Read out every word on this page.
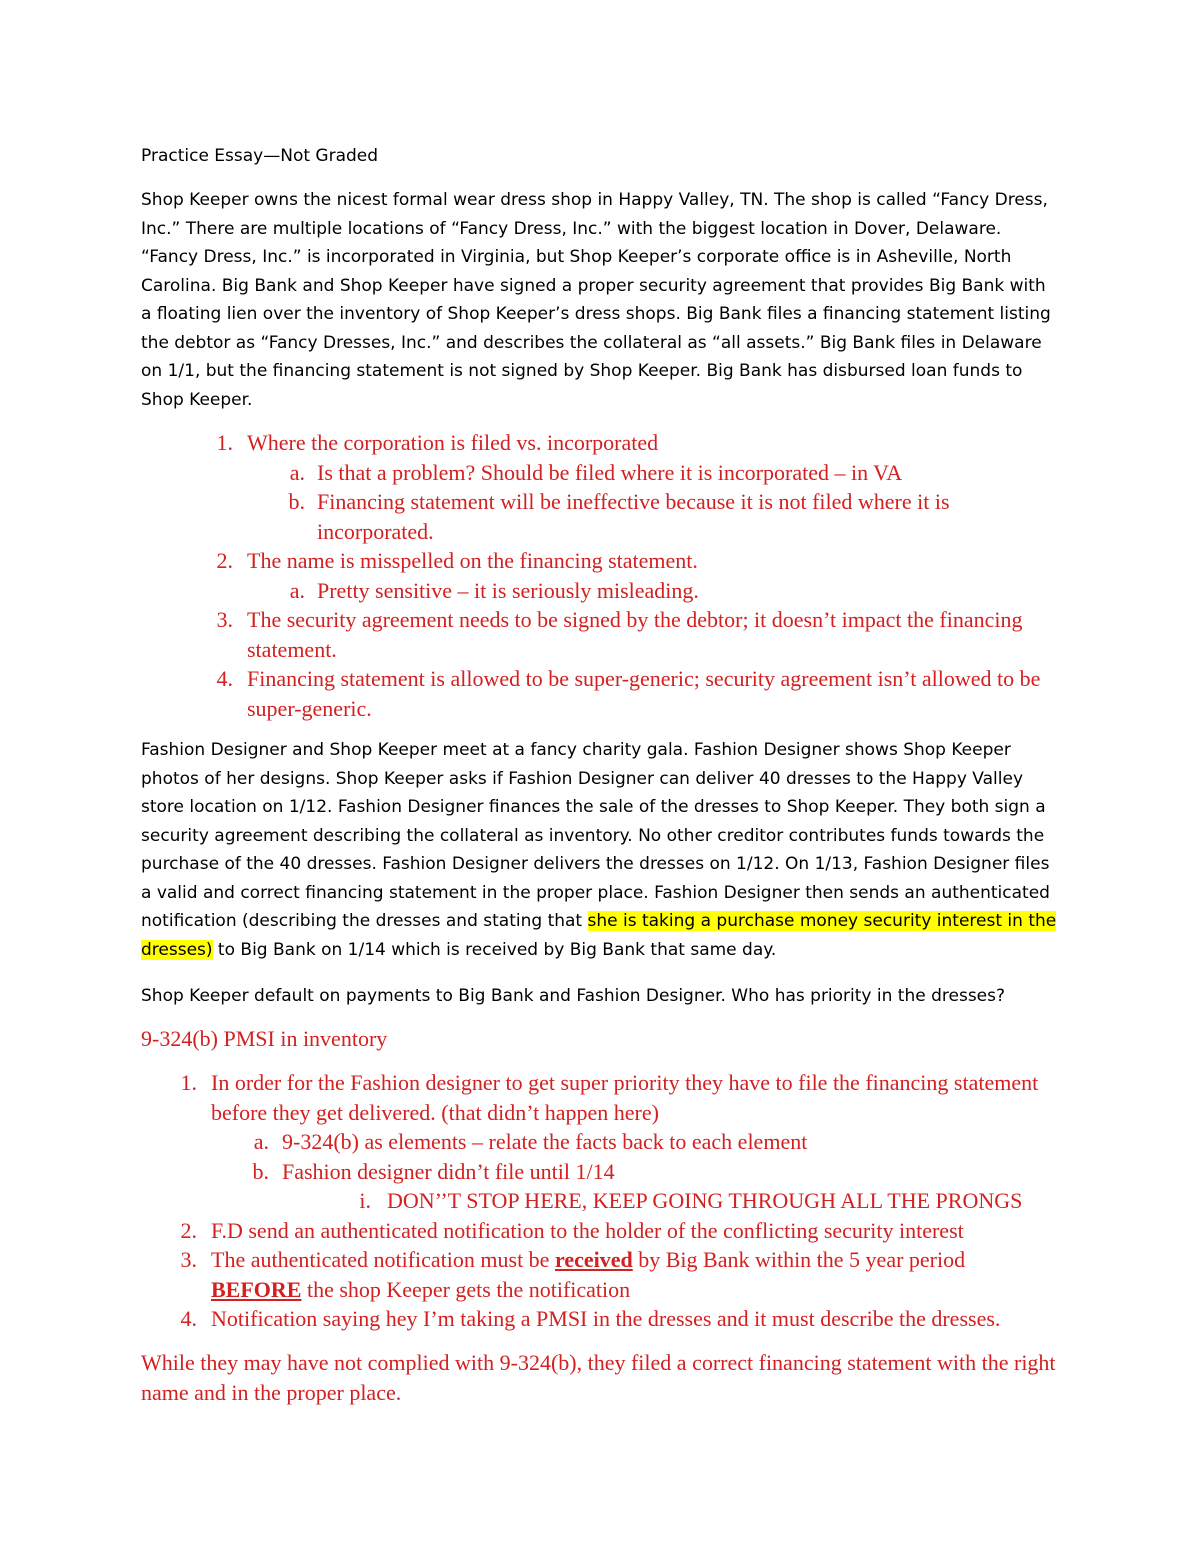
Practice Essay—Not Graded

Shop Keeper owns the nicest formal wear dress shop in Happy Valley, TN. The shop is called “Fancy Dress, Inc.” There are multiple locations of “Fancy Dress, Inc.” with the biggest location in Dover, Delaware. “Fancy Dress, Inc.” is incorporated in Virginia, but Shop Keeper’s corporate office is in Asheville, North Carolina. Big Bank and Shop Keeper have signed a proper security agreement that provides Big Bank with a floating lien over the inventory of Shop Keeper’s dress shops. Big Bank files a financing statement listing the debtor as “Fancy Dresses, Inc.” and describes the collateral as “all assets.” Big Bank files in Delaware on 1/1, but the financing statement is not signed by Shop Keeper. Big Bank has disbursed loan funds to Shop Keeper.

1. Where the corporation is filed vs. incorporated
a. Is that a problem? Should be filed where it is incorporated – in VA
b. Financing statement will be ineffective because it is not filed where it is incorporated.
2. The name is misspelled on the financing statement.
a. Pretty sensitive – it is seriously misleading.
3. The security agreement needs to be signed by the debtor; it doesn’t impact the financing statement.
4. Financing statement is allowed to be super-generic; security agreement isn’t allowed to be super-generic.

Fashion Designer and Shop Keeper meet at a fancy charity gala. Fashion Designer shows Shop Keeper photos of her designs. Shop Keeper asks if Fashion Designer can deliver 40 dresses to the Happy Valley store location on 1/12. Fashion Designer finances the sale of the dresses to Shop Keeper. They both sign a security agreement describing the collateral as inventory. No other creditor contributes funds towards the purchase of the 40 dresses. Fashion Designer delivers the dresses on 1/12. On 1/13, Fashion Designer files a valid and correct financing statement in the proper place. Fashion Designer then sends an authenticated notification (describing the dresses and stating that she is taking a purchase money security interest in the dresses) to Big Bank on 1/14 which is received by Big Bank that same day.

Shop Keeper default on payments to Big Bank and Fashion Designer. Who has priority in the dresses?

9-324(b) PMSI in inventory

1. In order for the Fashion designer to get super priority they have to file the financing statement before they get delivered. (that didn’t happen here)
a. 9-324(b) as elements – relate the facts back to each element
b. Fashion designer didn’t file until 1/14
i. DON’’T STOP HERE, KEEP GOING THROUGH ALL THE PRONGS
2. F.D send an authenticated notification to the holder of the conflicting security interest
3. The authenticated notification must be received by Big Bank within the 5 year period BEFORE the shop Keeper gets the notification
4. Notification saying hey I’m taking a PMSI in the dresses and it must describe the dresses.

While they may have not complied with 9-324(b), they filed a correct financing statement with the right name and in the proper place.
